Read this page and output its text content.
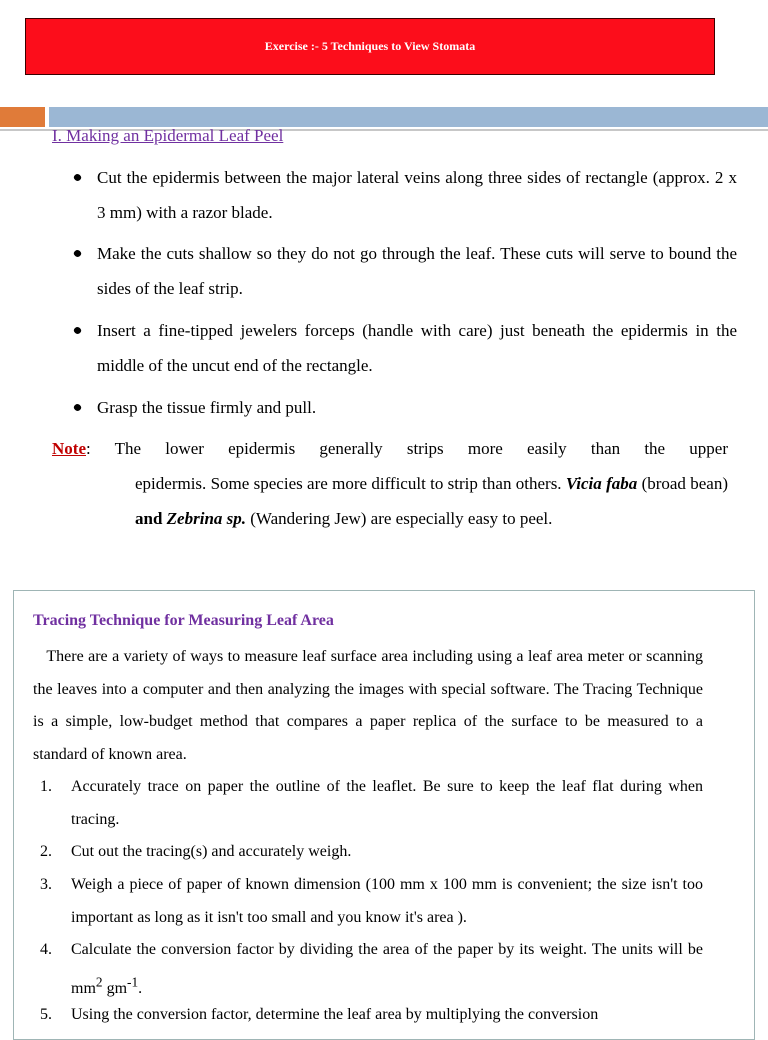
Exercise :- 5 Techniques to View Stomata
I. Making an Epidermal Leaf Peel
Cut the epidermis between the major lateral veins along three sides of rectangle (approx. 2 x 3 mm) with a razor blade.
Make the cuts shallow so they do not go through the leaf. These cuts will serve to bound the sides of the leaf strip.
Insert a fine-tipped jewelers forceps (handle with care) just beneath the epidermis in the middle of the uncut end of the rectangle.
Grasp the tissue firmly and pull.
Note: The lower epidermis generally strips more easily than the upper
epidermis. Some species are more difficult to strip than others. Vicia faba (broad bean) and Zebrina sp. (Wandering Jew) are especially easy to peel.
Tracing Technique for Measuring Leaf Area
There are a variety of ways to measure leaf surface area including using a leaf area meter or scanning the leaves into a computer and then analyzing the images with special software. The Tracing Technique is a simple, low-budget method that compares a paper replica of the surface to be measured to a standard of known area.
1. Accurately trace on paper the outline of the leaflet. Be sure to keep the leaf flat during when tracing.
2. Cut out the tracing(s) and accurately weigh.
3. Weigh a piece of paper of known dimension (100 mm x 100 mm is convenient; the size isn't too important as long as it isn't too small and you know it's area ).
4. Calculate the conversion factor by dividing the area of the paper by its weight. The units will be $mm^2$ $gm^{-1}$.
5. Using the conversion factor, determine the leaf area by multiplying the conversion
